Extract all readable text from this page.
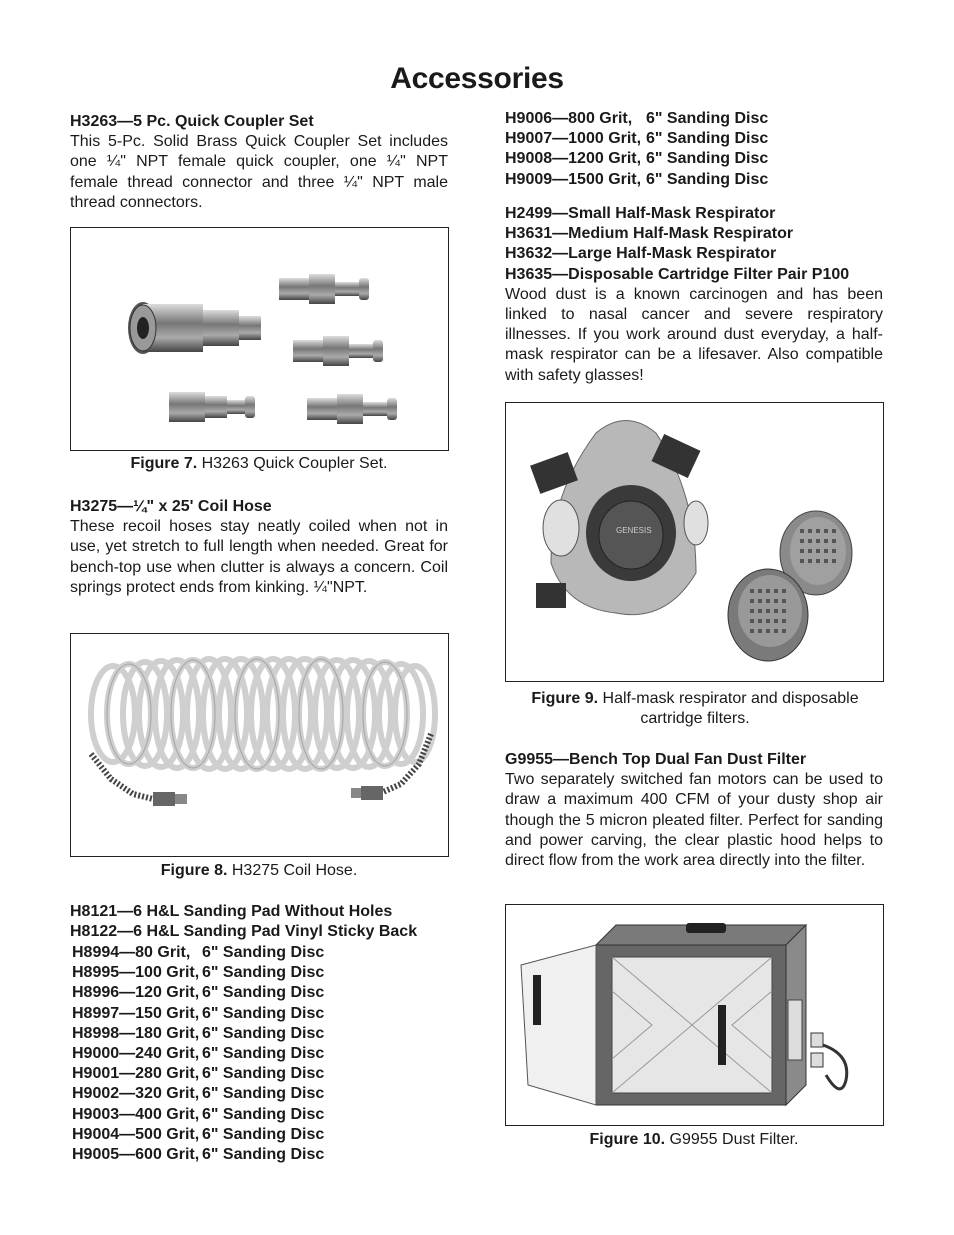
Accessories

H3263—5 Pc. Quick Coupler Set

This 5-Pc. Solid Brass Quick Coupler Set includes one ¼" NPT female quick coupler, one ¼" NPT female thread connector and three ¼" NPT male thread connectors.

Figure 7. H3263 Quick Coupler Set.

H3275—¼" x 25' Coil Hose

These recoil hoses stay neatly coiled when not in use, yet stretch to full length when needed. Great for bench-top use when clutter is always a concern. Coil springs protect ends from kinking. ¼"NPT.

Figure 8. H3275 Coil Hose.
H8121—6 H&L Sanding Pad Without Holes
H8122—6 H&L Sanding Pad Vinyl Sticky Back
H8994—80 Grit, 6" Sanding Disc
H8995—100 Grit, 6" Sanding Disc
H8996—120 Grit, 6" Sanding Disc
H8997—150 Grit, 6" Sanding Disc
H8998—180 Grit, 6" Sanding Disc
H9000—240 Grit, 6" Sanding Disc
H9001—280 Grit, 6" Sanding Disc
H9002—320 Grit, 6" Sanding Disc
H9003—400 Grit, 6" Sanding Disc
H9004—500 Grit, 6" Sanding Disc
H9005—600 Grit, 6" Sanding Disc
H9006—800 Grit, 6" Sanding Disc
H9007—1000 Grit, 6" Sanding Disc
H9008—1200 Grit, 6" Sanding Disc
H9009—1500 Grit, 6" Sanding Disc

H2499—Small Half-Mask Respirator

H3631—Medium Half-Mask Respirator

H3632—Large Half-Mask Respirator

H3635—Disposable Cartridge Filter Pair P100

Wood dust is a known carcinogen and has been linked to nasal cancer and severe respiratory illnesses. If you work around dust everyday, a half-mask respirator can be a lifesaver. Also compatible with safety glasses!

GENESIS
Figure 9. Half-mask respirator and disposable
cartridge filters.

G9955—Bench Top Dual Fan Dust Filter

Two separately switched fan motors can be used to draw a maximum 400 CFM of your dusty shop air though the 5 micron pleated filter. Perfect for sanding and power carving, the clear plastic hood helps to direct flow from the work area directly into the filter.

Figure 10. G9955 Dust Filter.
